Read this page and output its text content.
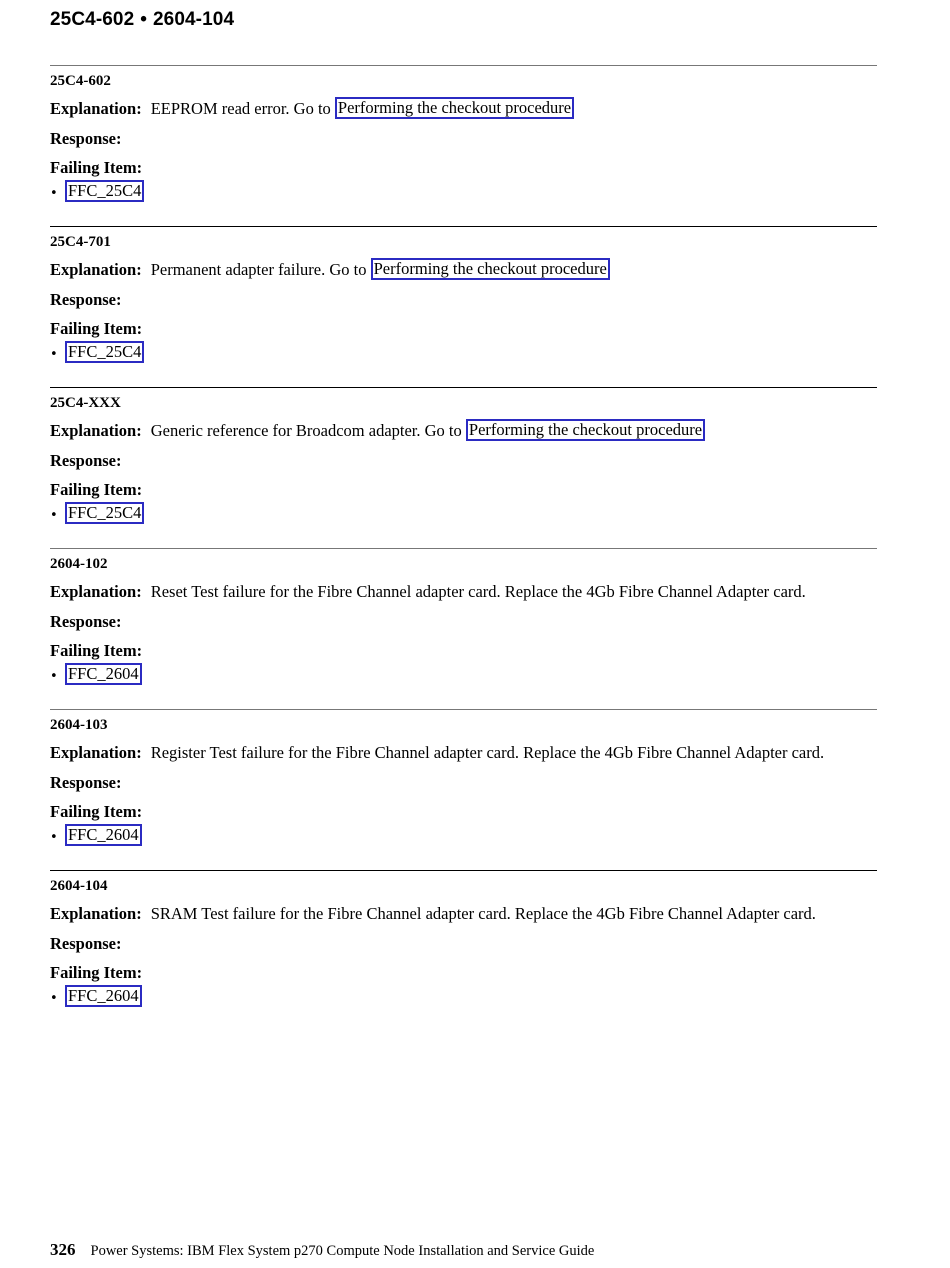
25C4-602 • 2604-104
25C4-602
Explanation: EEPROM read error. Go to Performing the checkout procedure
Response:
Failing Item:
• FFC_25C4
25C4-701
Explanation: Permanent adapter failure. Go to Performing the checkout procedure
Response:
Failing Item:
• FFC_25C4
25C4-XXX
Explanation: Generic reference for Broadcom adapter. Go to Performing the checkout procedure
Response:
Failing Item:
• FFC_25C4
2604-102
Explanation: Reset Test failure for the Fibre Channel adapter card. Replace the 4Gb Fibre Channel Adapter card.
Response:
Failing Item:
• FFC_2604
2604-103
Explanation: Register Test failure for the Fibre Channel adapter card. Replace the 4Gb Fibre Channel Adapter card.
Response:
Failing Item:
• FFC_2604
2604-104
Explanation: SRAM Test failure for the Fibre Channel adapter card. Replace the 4Gb Fibre Channel Adapter card.
Response:
Failing Item:
• FFC_2604
326 Power Systems: IBM Flex System p270 Compute Node Installation and Service Guide
